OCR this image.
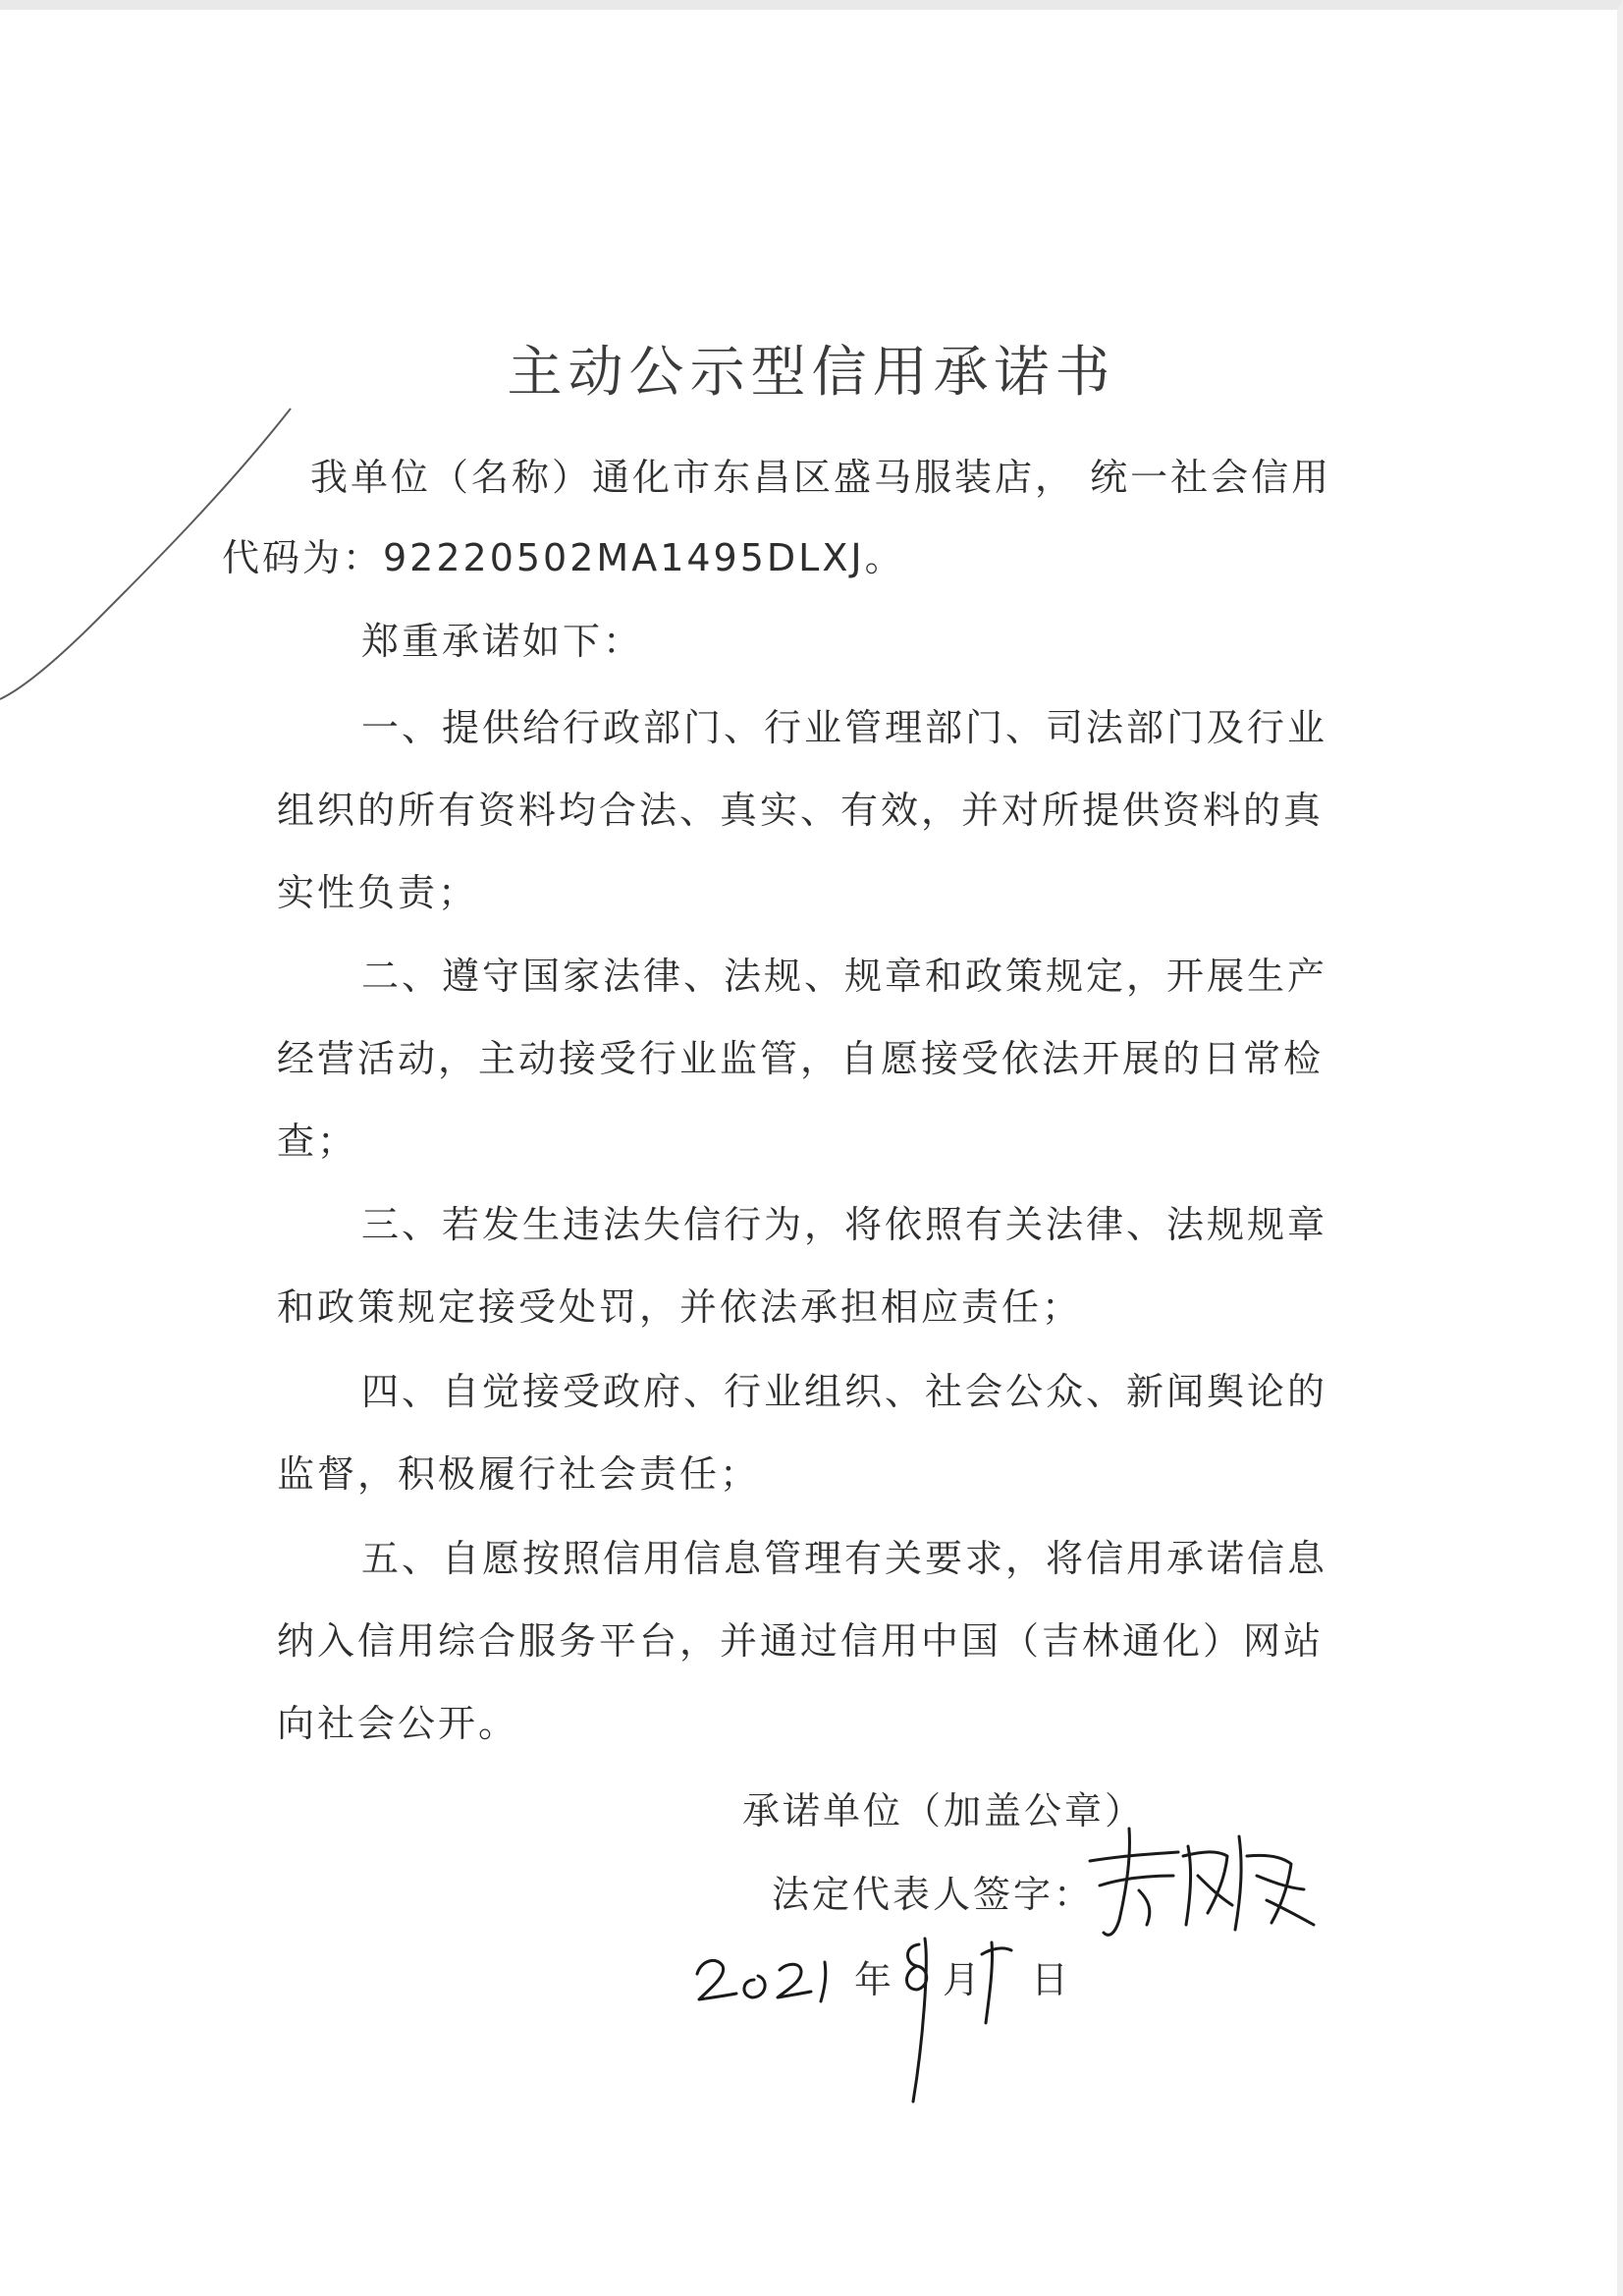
主动公示型信用承诺书
我单位（名称）通化市东昌区盛马服装店， 统一社会信用
代码为：92220502MA1495DLXJ。
郑重承诺如下：
一、提供给行政部门、行业管理部门、司法部门及行业
组织的所有资料均合法、真实、有效，并对所提供资料的真
实性负责；
二、遵守国家法律、法规、规章和政策规定，开展生产
经营活动，主动接受行业监管，自愿接受依法开展的日常检
查；
三、若发生违法失信行为，将依照有关法律、法规规章
和政策规定接受处罚，并依法承担相应责任；
四、自觉接受政府、行业组织、社会公众、新闻舆论的
监督，积极履行社会责任；
五、自愿按照信用信息管理有关要求，将信用承诺信息
纳入信用综合服务平台，并通过信用中国（吉林通化）网站
向社会公开。
承诺单位（加盖公章）
法定代表人签字：
年 月 日
